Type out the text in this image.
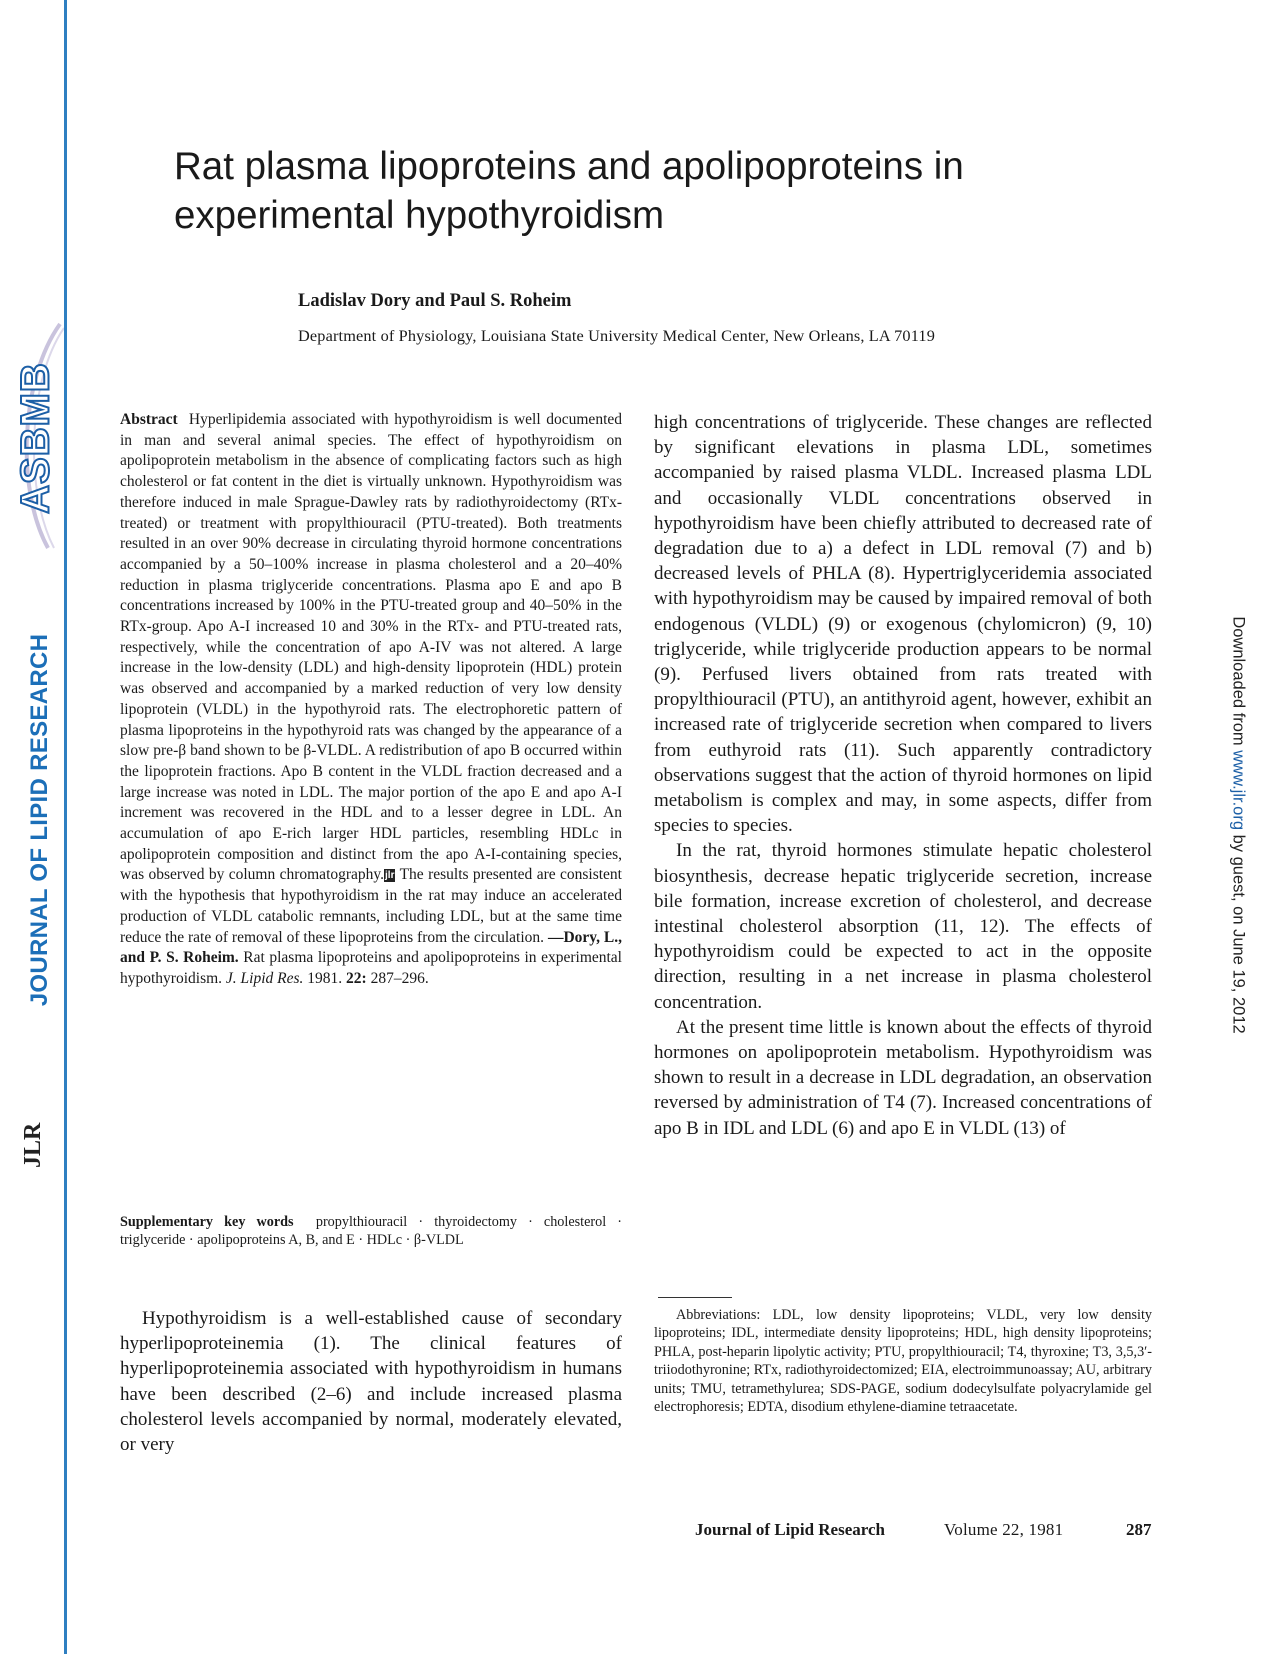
ASBMB
JOURNAL OF LIPID RESEARCH
JLR
Downloaded from www.jlr.org by guest, on June 19, 2012
Rat plasma lipoproteins and apolipoproteins in experimental hypothyroidism
Ladislav Dory and Paul S. Roheim
Department of Physiology, Louisiana State University Medical Center, New Orleans, LA 70119
Abstract Hyperlipidemia associated with hypothyroidism is well documented in man and several animal species. The effect of hypothyroidism on apolipoprotein metabolism in the absence of complicating factors such as high cholesterol or fat content in the diet is virtually unknown. Hypothyroidism was therefore induced in male Sprague-Dawley rats by radiothyroidectomy (RTx-treated) or treatment with propylthiouracil (PTU-treated). Both treatments resulted in an over 90% decrease in circulating thyroid hormone concentrations accompanied by a 50–100% increase in plasma cholesterol and a 20–40% reduction in plasma triglyceride concentrations. Plasma apo E and apo B concentrations increased by 100% in the PTU-treated group and 40–50% in the RTx-group. Apo A-I increased 10 and 30% in the RTx- and PTU-treated rats, respectively, while the concentration of apo A-IV was not altered. A large increase in the low-density (LDL) and high-density lipoprotein (HDL) protein was observed and accompanied by a marked reduction of very low density lipoprotein (VLDL) in the hypothyroid rats. The electrophoretic pattern of plasma lipoproteins in the hypothyroid rats was changed by the appearance of a slow pre-β band shown to be β-VLDL. A redistribution of apo B occurred within the lipoprotein fractions. Apo B content in the VLDL fraction decreased and a large increase was noted in LDL. The major portion of the apo E and apo A-I increment was recovered in the HDL and to a lesser degree in LDL. An accumulation of apo E-rich larger HDL particles, resembling HDLc in apolipoprotein composition and distinct from the apo A-I-containing species, was observed by column chromatography.jlr The results presented are consistent with the hypothesis that hypothyroidism in the rat may induce an accelerated production of VLDL catabolic remnants, including LDL, but at the same time reduce the rate of removal of these lipoproteins from the circulation. —Dory, L., and P. S. Roheim. Rat plasma lipoproteins and apolipoproteins in experimental hypothyroidism. J. Lipid Res. 1981. 22: 287–296.
Supplementary key words propylthiouracil · thyroidectomy · cholesterol · triglyceride · apolipoproteins A, B, and E · HDLc · β-VLDL

Hypothyroidism is a well-established cause of secondary hyperlipoproteinemia (1). The clinical features of hyperlipoproteinemia associated with hypothyroidism in humans have been described (2–6) and include increased plasma cholesterol levels accompanied by normal, moderately elevated, or very

high concentrations of triglyceride. These changes are reflected by significant elevations in plasma LDL, sometimes accompanied by raised plasma VLDL. Increased plasma LDL and occasionally VLDL concentrations observed in hypothyroidism have been chiefly attributed to decreased rate of degradation due to a) a defect in LDL removal (7) and b) decreased levels of PHLA (8). Hypertriglyceridemia associated with hypothyroidism may be caused by impaired removal of both endogenous (VLDL) (9) or exogenous (chylomicron) (9, 10) triglyceride, while triglyceride production appears to be normal (9). Perfused livers obtained from rats treated with propylthiouracil (PTU), an antithyroid agent, however, exhibit an increased rate of triglyceride secretion when compared to livers from euthyroid rats (11). Such apparently contradictory observations suggest that the action of thyroid hormones on lipid metabolism is complex and may, in some aspects, differ from species to species.

In the rat, thyroid hormones stimulate hepatic cholesterol biosynthesis, decrease hepatic triglyceride secretion, increase bile formation, increase excretion of cholesterol, and decrease intestinal cholesterol absorption (11, 12). The effects of hypothyroidism could be expected to act in the opposite direction, resulting in a net increase in plasma cholesterol concentration.

At the present time little is known about the effects of thyroid hormones on apolipoprotein metabolism. Hypothyroidism was shown to result in a decrease in LDL degradation, an observation reversed by administration of T4 (7). Increased concentrations of apo B in IDL and LDL (6) and apo E in VLDL (13) of

Abbreviations: LDL, low density lipoproteins; VLDL, very low density lipoproteins; IDL, intermediate density lipoproteins; HDL, high density lipoproteins; PHLA, post-heparin lipolytic activity; PTU, propylthiouracil; T4, thyroxine; T3, 3,5,3′-triiodothyronine; RTx, radiothyroidectomized; EIA, electroimmunoassay; AU, arbitrary units; TMU, tetramethylurea; SDS-PAGE, sodium dodecylsulfate polyacrylamide gel electrophoresis; EDTA, disodium ethylene-diamine tetraacetate.
Journal of Lipid Research	Volume 22, 1981	287
